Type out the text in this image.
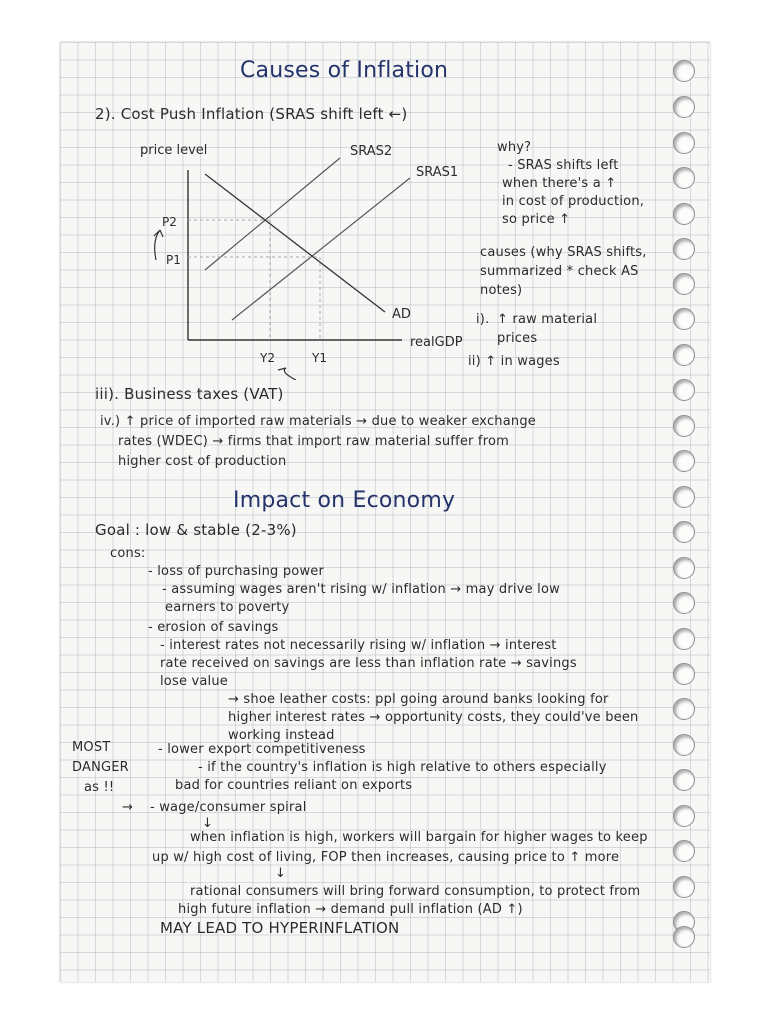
Causes of Inflation
2). Cost Push Inflation (SRAS shift left ←)
price level
realGDP
SRAS2
SRAS1
AD
P2
P1
Y2	Y1
why?
- SRAS shifts left
when there's a ↑
in cost of production,
so price ↑
causes (why SRAS shifts,
summarized * check AS
notes)
i). ↑ raw material
prices
ii) ↑ in wages
iii). Business taxes (VAT)
iv.) ↑ price of imported raw materials → due to weaker exchange
rates (WDEC) → firms that import raw material suffer from
higher cost of production
Impact on Economy
Goal : low & stable (2-3%)
cons:
- loss of purchasing power
- assuming wages aren't rising w/ inflation → may drive low
earners to poverty
- erosion of savings
- interest rates not necessarily rising w/ inflation → interest
rate received on savings are less than inflation rate → savings
lose value
→ shoe leather costs: ppl going around banks looking for
higher interest rates → opportunity costs, they could've been
working instead
MOST
DANGER
as !!
- lower export competitiveness
- if the country's inflation is high relative to others especially
bad for countries reliant on exports
→ - wage/consumer spiral
↓
when inflation is high, workers will bargain for higher wages to keep
up w/ high cost of living, FOP then increases, causing price to ↑ more
↓
rational consumers will bring forward consumption, to protect from
high future inflation → demand pull inflation (AD ↑)
MAY LEAD TO HYPERINFLATION
